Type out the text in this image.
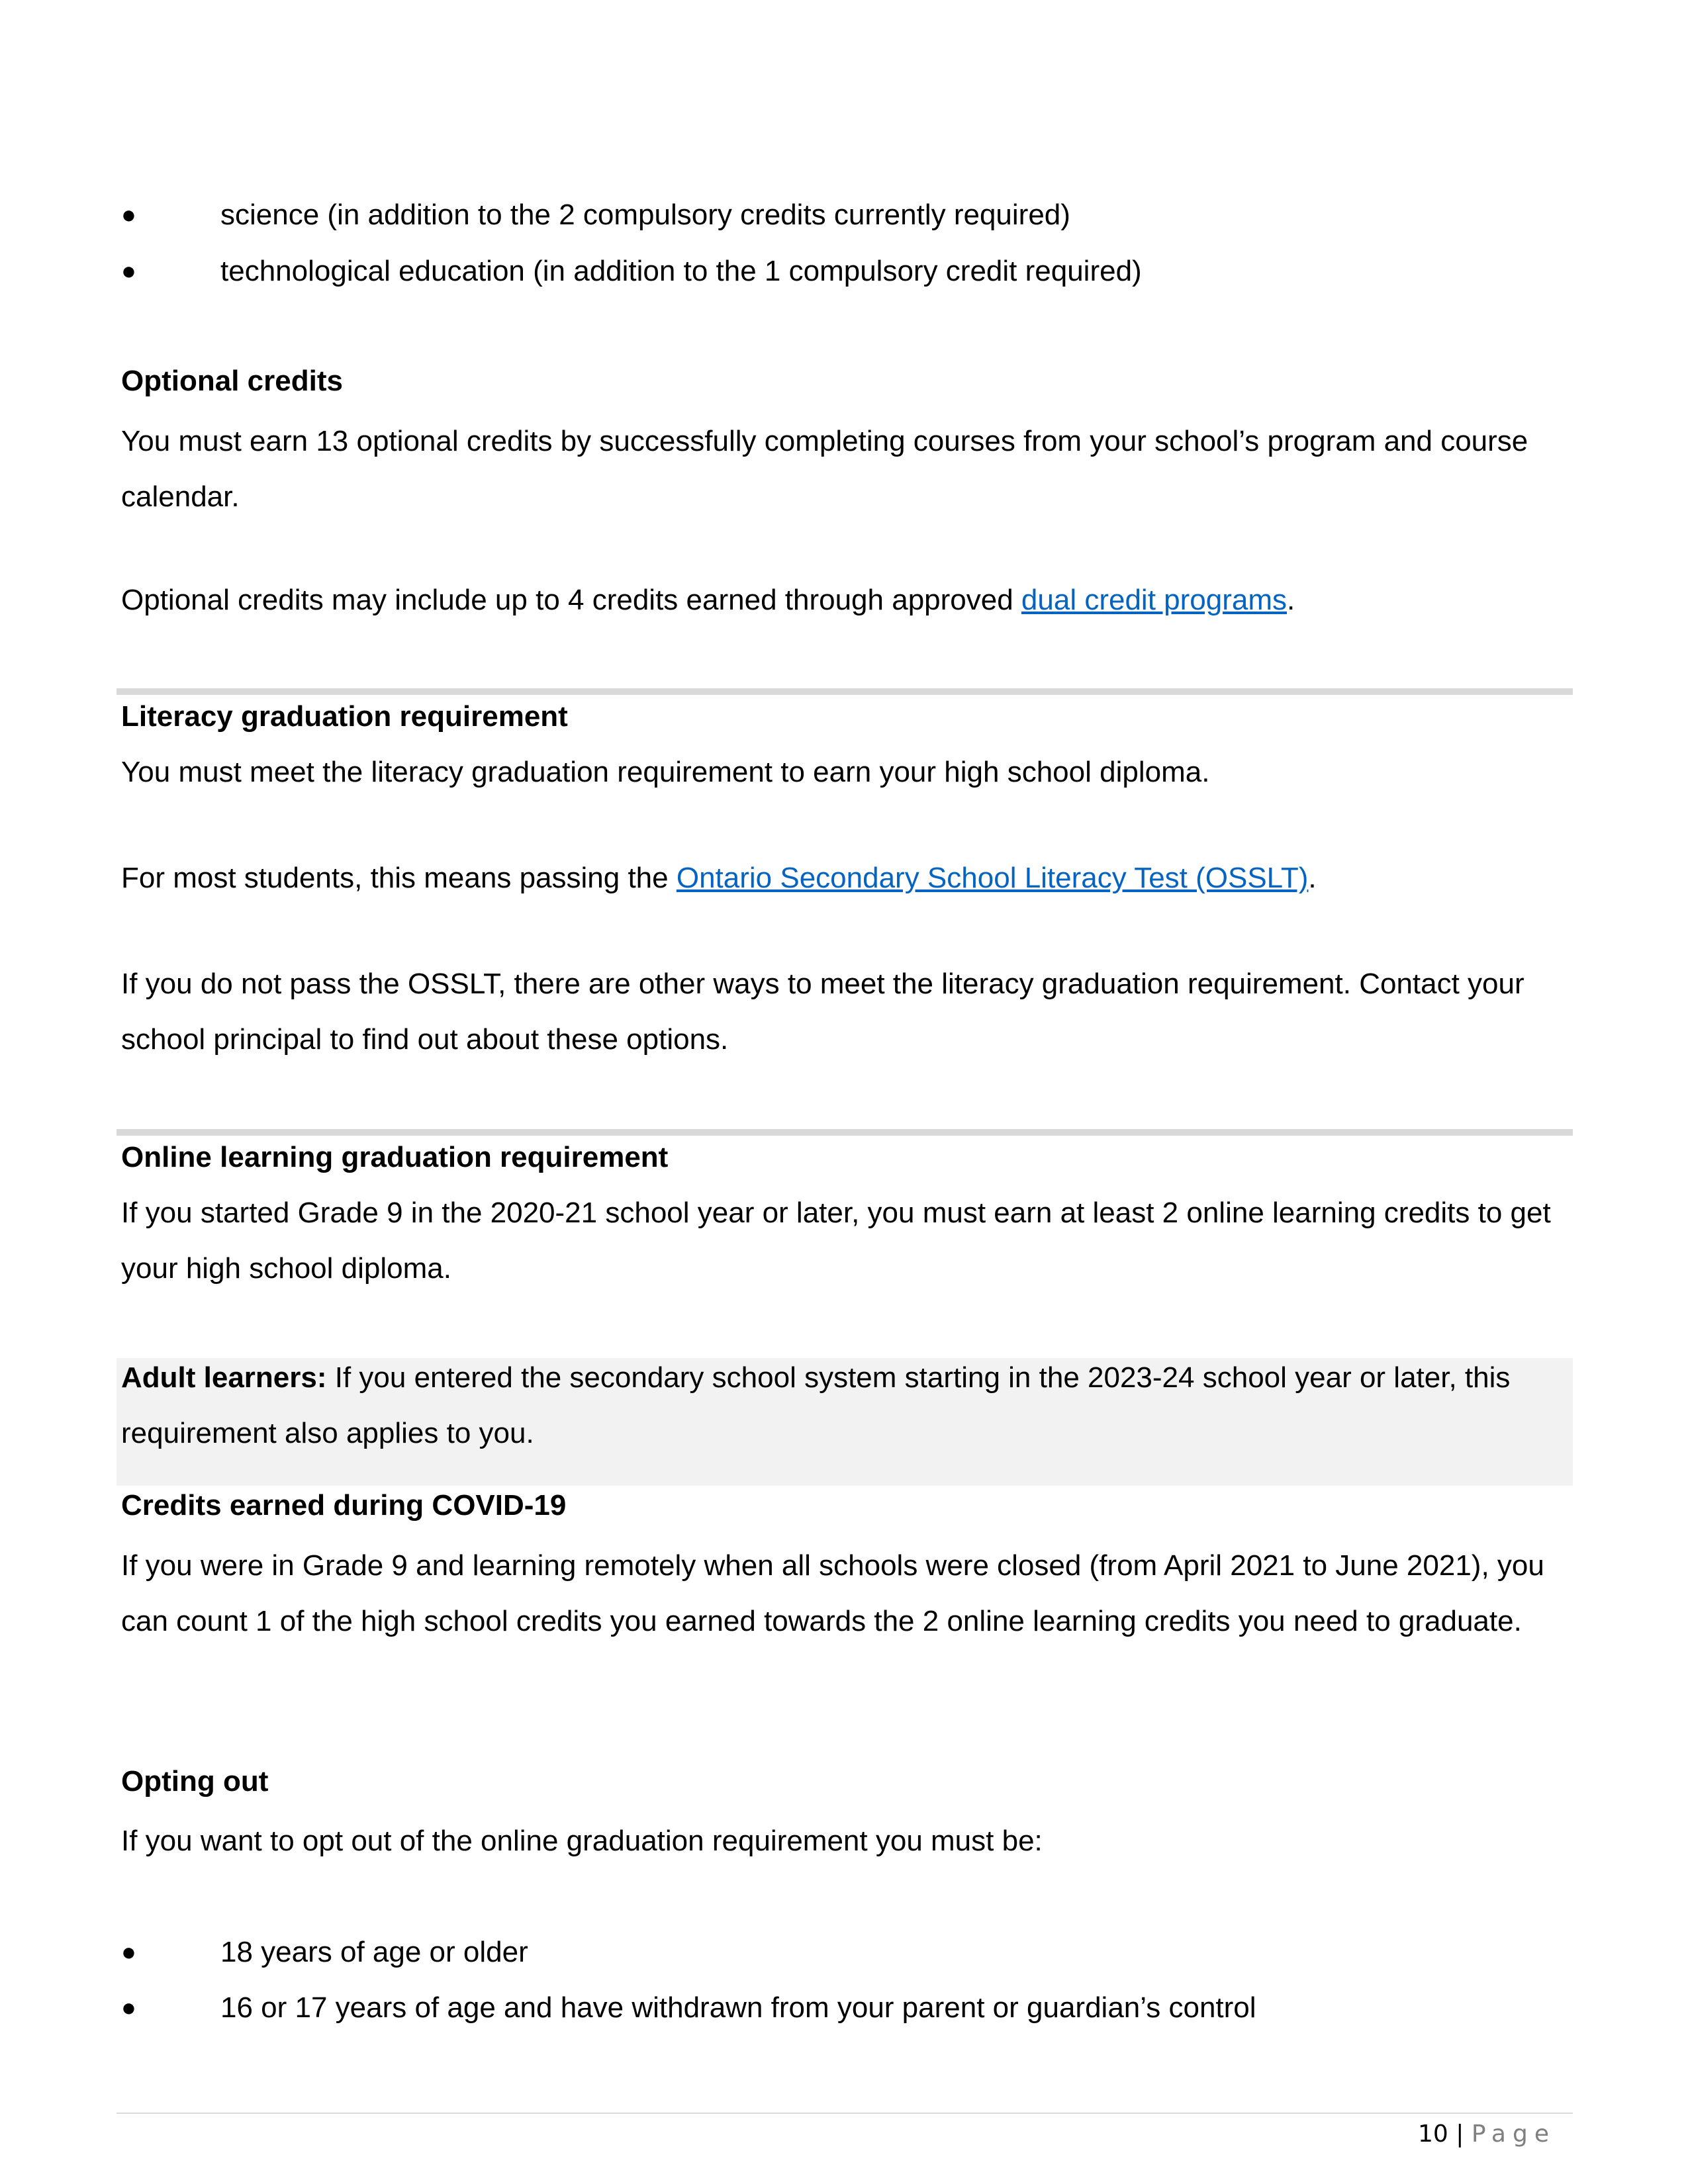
●	science (in addition to the 2 compulsory credits currently required)
●	technological education (in addition to the 1 compulsory credit required)
Optional credits
You must earn 13 optional credits by successfully completing courses from your school’s program and course calendar.
Optional credits may include up to 4 credits earned through approved dual credit programs.
Literacy graduation requirement
You must meet the literacy graduation requirement to earn your high school diploma.
For most students, this means passing the Ontario Secondary School Literacy Test (OSSLT).
If you do not pass the OSSLT, there are other ways to meet the literacy graduation requirement. Contact your school principal to find out about these options.
Online learning graduation requirement
If you started Grade 9 in the 2020-21 school year or later, you must earn at least 2 online learning credits to get your high school diploma.
Adult learners: If you entered the secondary school system starting in the 2023-24 school year or later, this requirement also applies to you.
Credits earned during COVID-19
If you were in Grade 9 and learning remotely when all schools were closed (from April 2021 to June 2021), you can count 1 of the high school credits you earned towards the 2 online learning credits you need to graduate.
Opting out
If you want to opt out of the online graduation requirement you must be:
●	18 years of age or older
●	16 or 17 years of age and have withdrawn from your parent or guardian’s control
10 | Page
